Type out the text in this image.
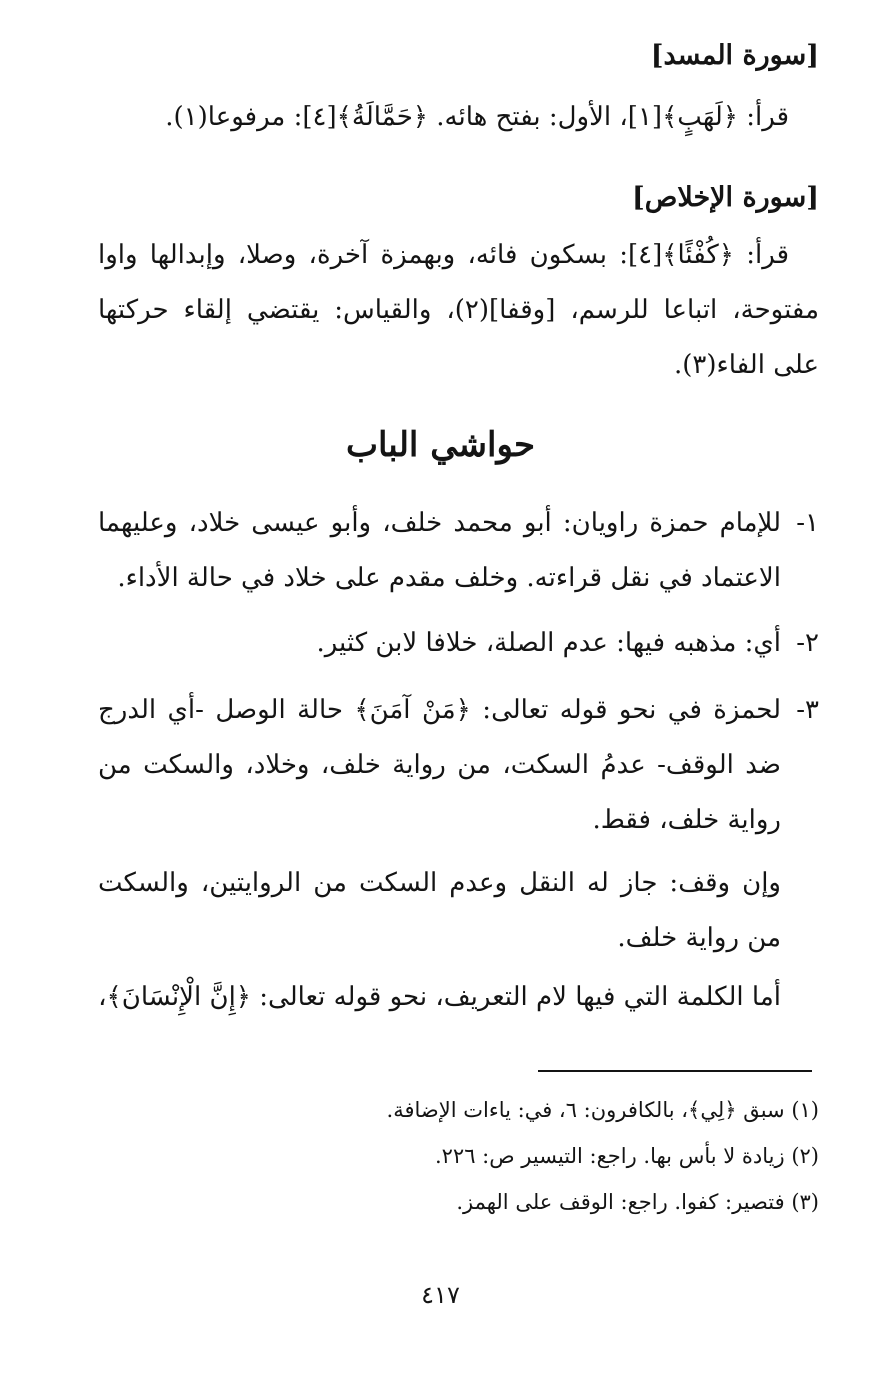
[سورة المسد]
قرأ: ﴿لَهَبٍ﴾[١]، الأول: بفتح هائه. ﴿حَمَّالَةُ﴾[٤]: مرفوعا(١).
[سورة الإخلاص]
قرأ: ﴿كُفْئًا﴾[٤]: بسكون فائه، وبهمزة آخرة، وصلا، وإبدالها واوا مفتوحة، اتباعا للرسم، [وقفا](٢)، والقياس: يقتضي إلقاء حركتها على الفاء(٣).
حواشي الباب
١-
للإمام حمزة راويان: أبو محمد خلف، وأبو عيسى خلاد، وعليهما الاعتماد في نقل قراءته. وخلف مقدم على خلاد في حالة الأداء.
٢-
أي: مذهبه فيها: عدم الصلة، خلافا لابن كثير.
٣-
لحمزة في نحو قوله تعالى: ﴿مَنْ آمَنَ﴾ حالة الوصل -أي الدرج ضد الوقف- عدمُ السكت، من رواية خلف، وخلاد، والسكت من رواية خلف، فقط.
وإن وقف: جاز له النقل وعدم السكت من الروايتين، والسكت من رواية خلف.
أما الكلمة التي فيها لام التعريف، نحو قوله تعالى: ﴿إِنَّ الْإِنْسَانَ﴾،
(١) سبق ﴿لِي﴾، بالكافرون: ٦، في: ياءات الإضافة.
(٢) زيادة لا بأس بها. راجع: التيسير ص: ٢٢٦.
(٣) فتصير: كفوا. راجع: الوقف على الهمز.
٤١٧
